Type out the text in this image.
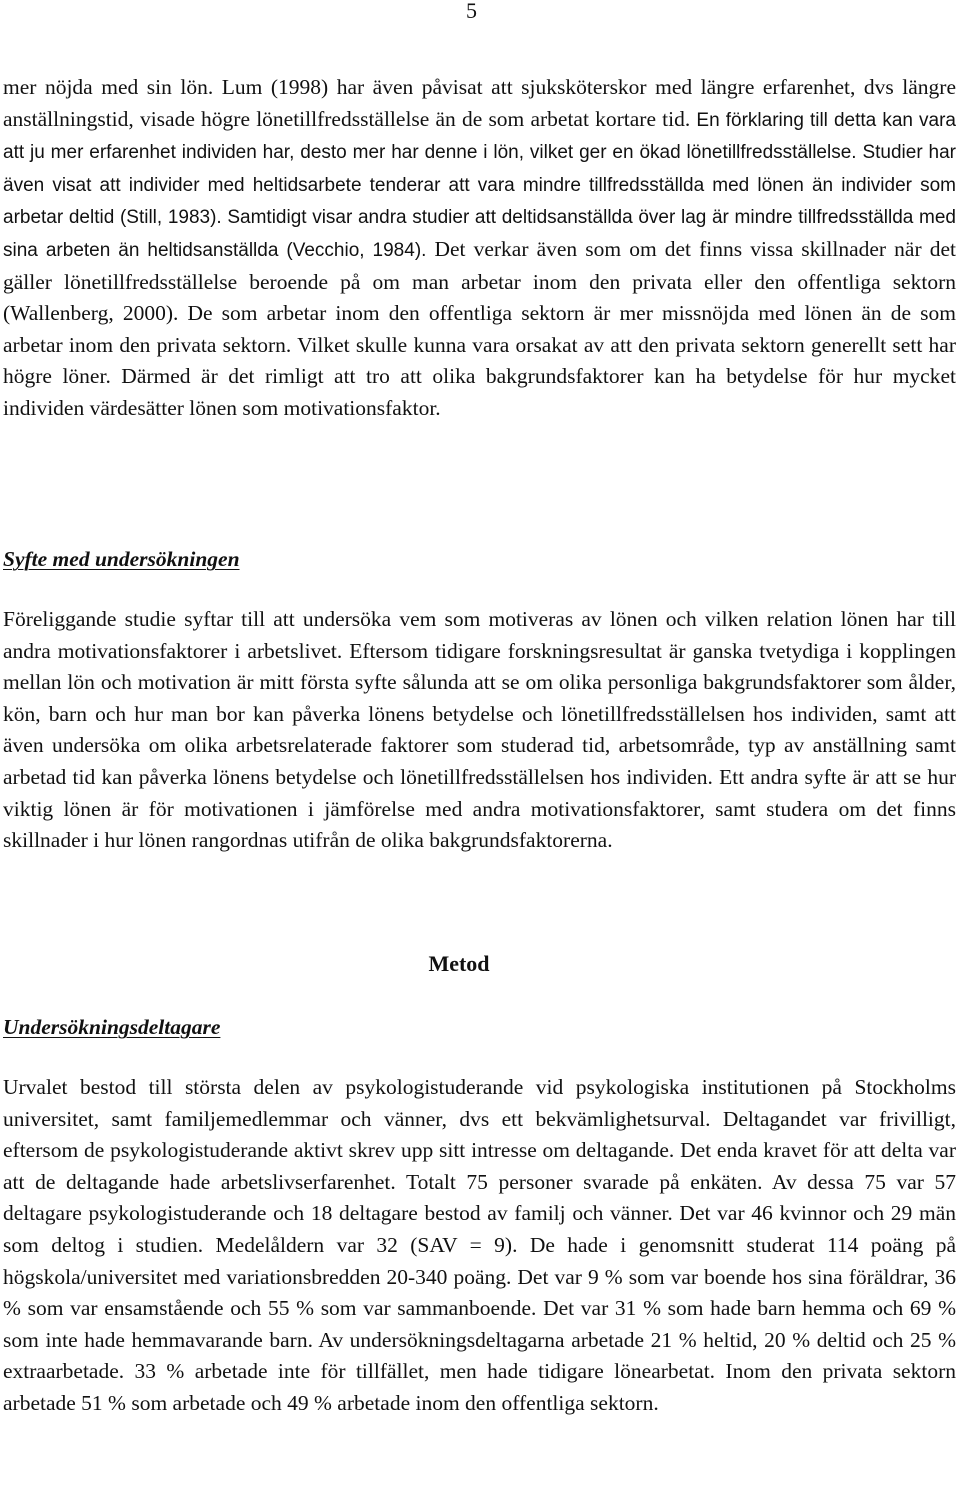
5

mer nöjda med sin lön. Lum (1998) har även påvisat att sjuksköterskor med längre erfarenhet, dvs längre anställningstid, visade högre lönetillfredsställelse än de som arbetat kortare tid. En förklaring till detta kan vara att ju mer erfarenhet individen har, desto mer har denne i lön, vilket ger en ökad lönetillfredsställelse. Studier har även visat att individer med heltidsarbete tenderar att vara mindre tillfredsställda med lönen än individer som arbetar deltid (Still, 1983). Samtidigt visar andra studier att deltidsanställda över lag är mindre tillfredsställda med sina arbeten än heltidsanställda (Vecchio, 1984). Det verkar även som om det finns vissa skillnader när det gäller lönetillfredsställelse beroende på om man arbetar inom den privata eller den offentliga sektorn (Wallenberg, 2000). De som arbetar inom den offentliga sektorn är mer missnöjda med lönen än de som arbetar inom den privata sektorn. Vilket skulle kunna vara orsakat av att den privata sektorn generellt sett har högre löner. Därmed är det rimligt att tro att olika bakgrundsfaktorer kan ha betydelse för hur mycket individen värdesätter lönen som motivationsfaktor.

Syfte med undersökningen

Föreliggande studie syftar till att undersöka vem som motiveras av lönen och vilken relation lönen har till andra motivationsfaktorer i arbetslivet. Eftersom tidigare forskningsresultat är ganska tvetydiga i kopplingen mellan lön och motivation är mitt första syfte sålunda att se om olika personliga bakgrundsfaktorer som ålder, kön, barn och hur man bor kan påverka lönens betydelse och lönetillfredsställelsen hos individen, samt att även undersöka om olika arbetsrelaterade faktorer som studerad tid, arbetsområde, typ av anställning samt arbetad tid kan påverka lönens betydelse och lönetillfredsställelsen hos individen. Ett andra syfte är att se hur viktig lönen är för motivationen i jämförelse med andra motivationsfaktorer, samt studera om det finns skillnader i hur lönen rangordnas utifrån de olika bakgrundsfaktorerna.

Metod
Undersökningsdeltagare

Urvalet bestod till största delen av psykologistuderande vid psykologiska institutionen på Stockholms universitet, samt familjemedlemmar och vänner, dvs ett bekvämlighetsurval. Deltagandet var frivilligt, eftersom de psykologistuderande aktivt skrev upp sitt intresse om deltagande. Det enda kravet för att delta var att de deltagande hade arbetslivserfarenhet. Totalt 75 personer svarade på enkäten. Av dessa 75 var 57 deltagare psykologistuderande och 18 deltagare bestod av familj och vänner. Det var 46 kvinnor och 29 män som deltog i studien. Medelåldern var 32 (SAV = 9). De hade i genomsnitt studerat 114 poäng på högskola/universitet med variationsbredden 20-340 poäng. Det var 9 % som var boende hos sina föräldrar, 36 % som var ensamstående och 55 % som var sammanboende. Det var 31 % som hade barn hemma och 69 % som inte hade hemmavarande barn. Av undersökningsdeltagarna arbetade 21 % heltid, 20 % deltid och 25 % extraarbetade. 33 % arbetade inte för tillfället, men hade tidigare lönearbetat. Inom den privata sektorn arbetade 51 % som arbetade och 49 % arbetade inom den offentliga sektorn.
